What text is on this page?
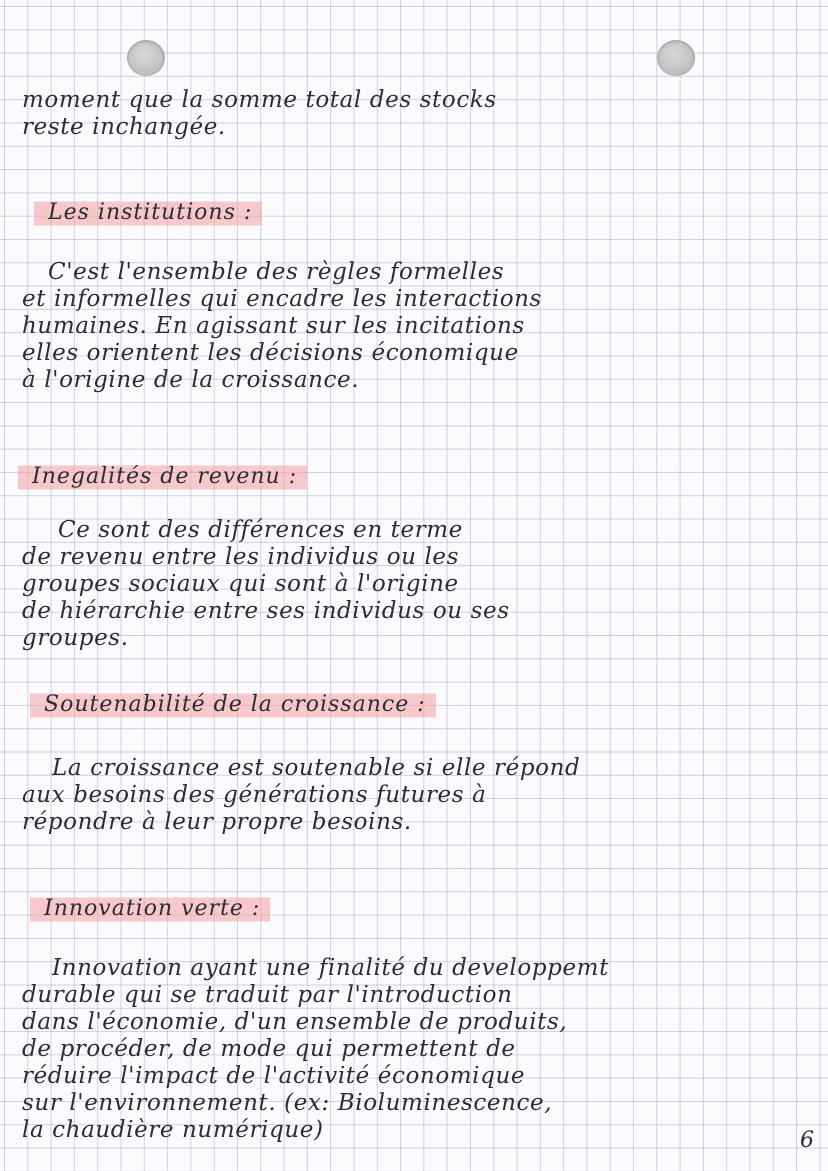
moment que la somme total des stocks
reste inchangée.
Les institutions :
C'est l'ensemble des règles formelles
et informelles qui encadre les interactions
humaines. En agissant sur les incitations
elles orientent les décisions économique
à l'origine de la croissance.
Inegalités de revenu :
Ce sont des différences en terme
de revenu entre les individus ou les
groupes sociaux qui sont à l'origine
de hiérarchie entre ses individus ou ses
groupes.
Soutenabilité de la croissance :
La croissance est soutenable si elle répond
aux besoins des générations futures à
répondre à leur propre besoins.
Innovation verte :
Innovation ayant une finalité du developpemt
durable qui se traduit par l'introduction
dans l'économie, d'un ensemble de produits,
de procéder, de mode qui permettent de
réduire l'impact de l'activité économique
sur l'environnement. (ex: Bioluminescence,
la chaudière numérique)	6
